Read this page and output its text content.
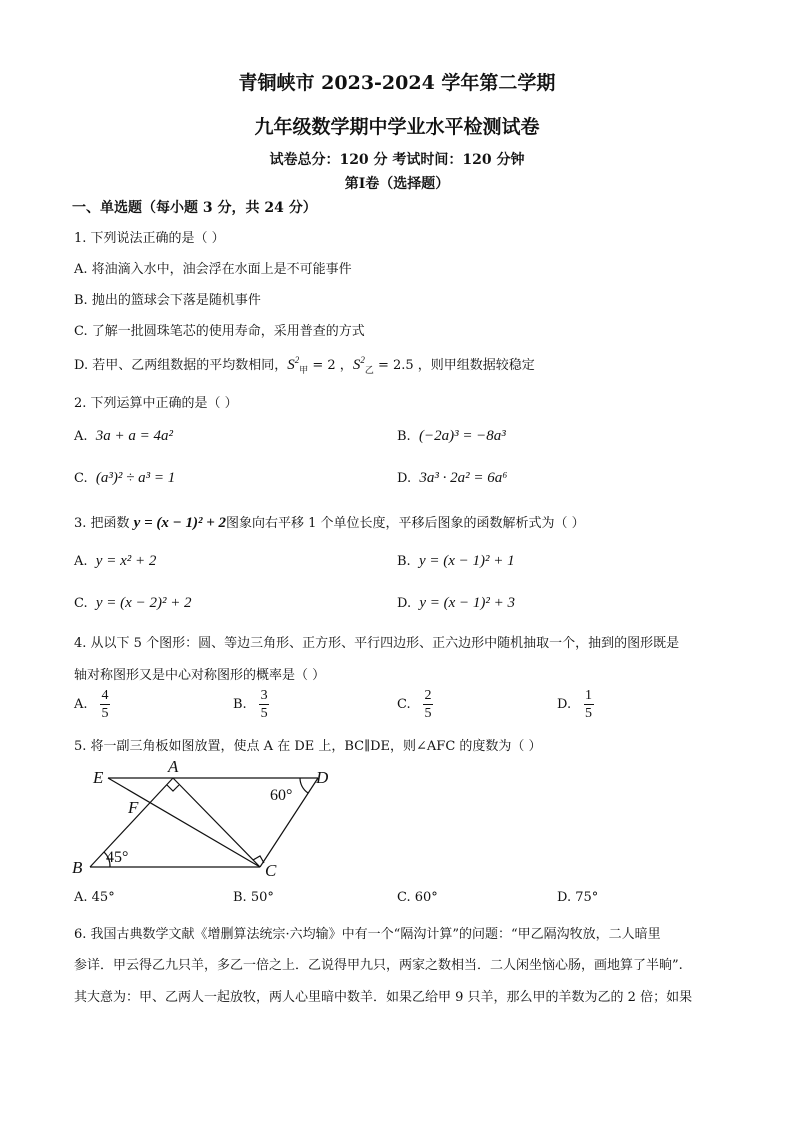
青铜峡市 2023-2024 学年第二学期
九年级数学期中学业水平检测试卷
试卷总分：120 分 考试时间：120 分钟
第Ⅰ卷（选择题）
一、单选题（每小题 3 分，共 24 分）
1. 下列说法正确的是（ ）
A. 将油滴入水中，油会浮在水面上是不可能事件
B. 抛出的篮球会下落是随机事件
C. 了解一批圆珠笔芯的使用寿命，采用普查的方式
D. 若甲、乙两组数据的平均数相同，$S^2_甲 = 2$ ，$S^2_乙 = 2.5$ ，则甲组数据较稳定
2. 下列运算中正确的是（ ）
A. 3a + a = 4a²	B. (−2a)³ = −8a³
C. (a³)² ÷ a³ = 1	D. 3a³ · 2a² = 6a⁶
3. 把函数 y = (x − 1)² + 2图象向右平移 1 个单位长度，平移后图象的函数解析式为（ ）
A. y = x² + 2	B. y = (x − 1)² + 1
C. y = (x − 2)² + 2	D. y = (x − 1)² + 3
4. 从以下 5 个图形：圆、等边三角形、正方形、平行四边形、正六边形中随机抽取一个，抽到的图形既是
轴对称图形又是中心对称图形的概率是（ ）
A. $\frac{4}{5}$	B. $\frac{3}{5}$	C. $\frac{2}{5}$	D. $\frac{1}{5}$
5. 将一副三角板如图放置，使点 A 在 DE 上，BC∥DE，则∠AFC 的度数为（ ）
E
A
D
F
B	C
60°
45°
A. 45°	B. 50°	C. 60°	D. 75°
6. 我国古典数学文献《增删算法统宗·六均输》中有一个“隔沟计算”的问题：“甲乙隔沟牧放，二人暗里
参详．甲云得乙九只羊，多乙一倍之上．乙说得甲九只，两家之数相当．二人闲坐恼心肠，画地算了半晌”.
其大意为：甲、乙两人一起放牧，两人心里暗中数羊．如果乙给甲 9 只羊，那么甲的羊数为乙的 2 倍；如果
